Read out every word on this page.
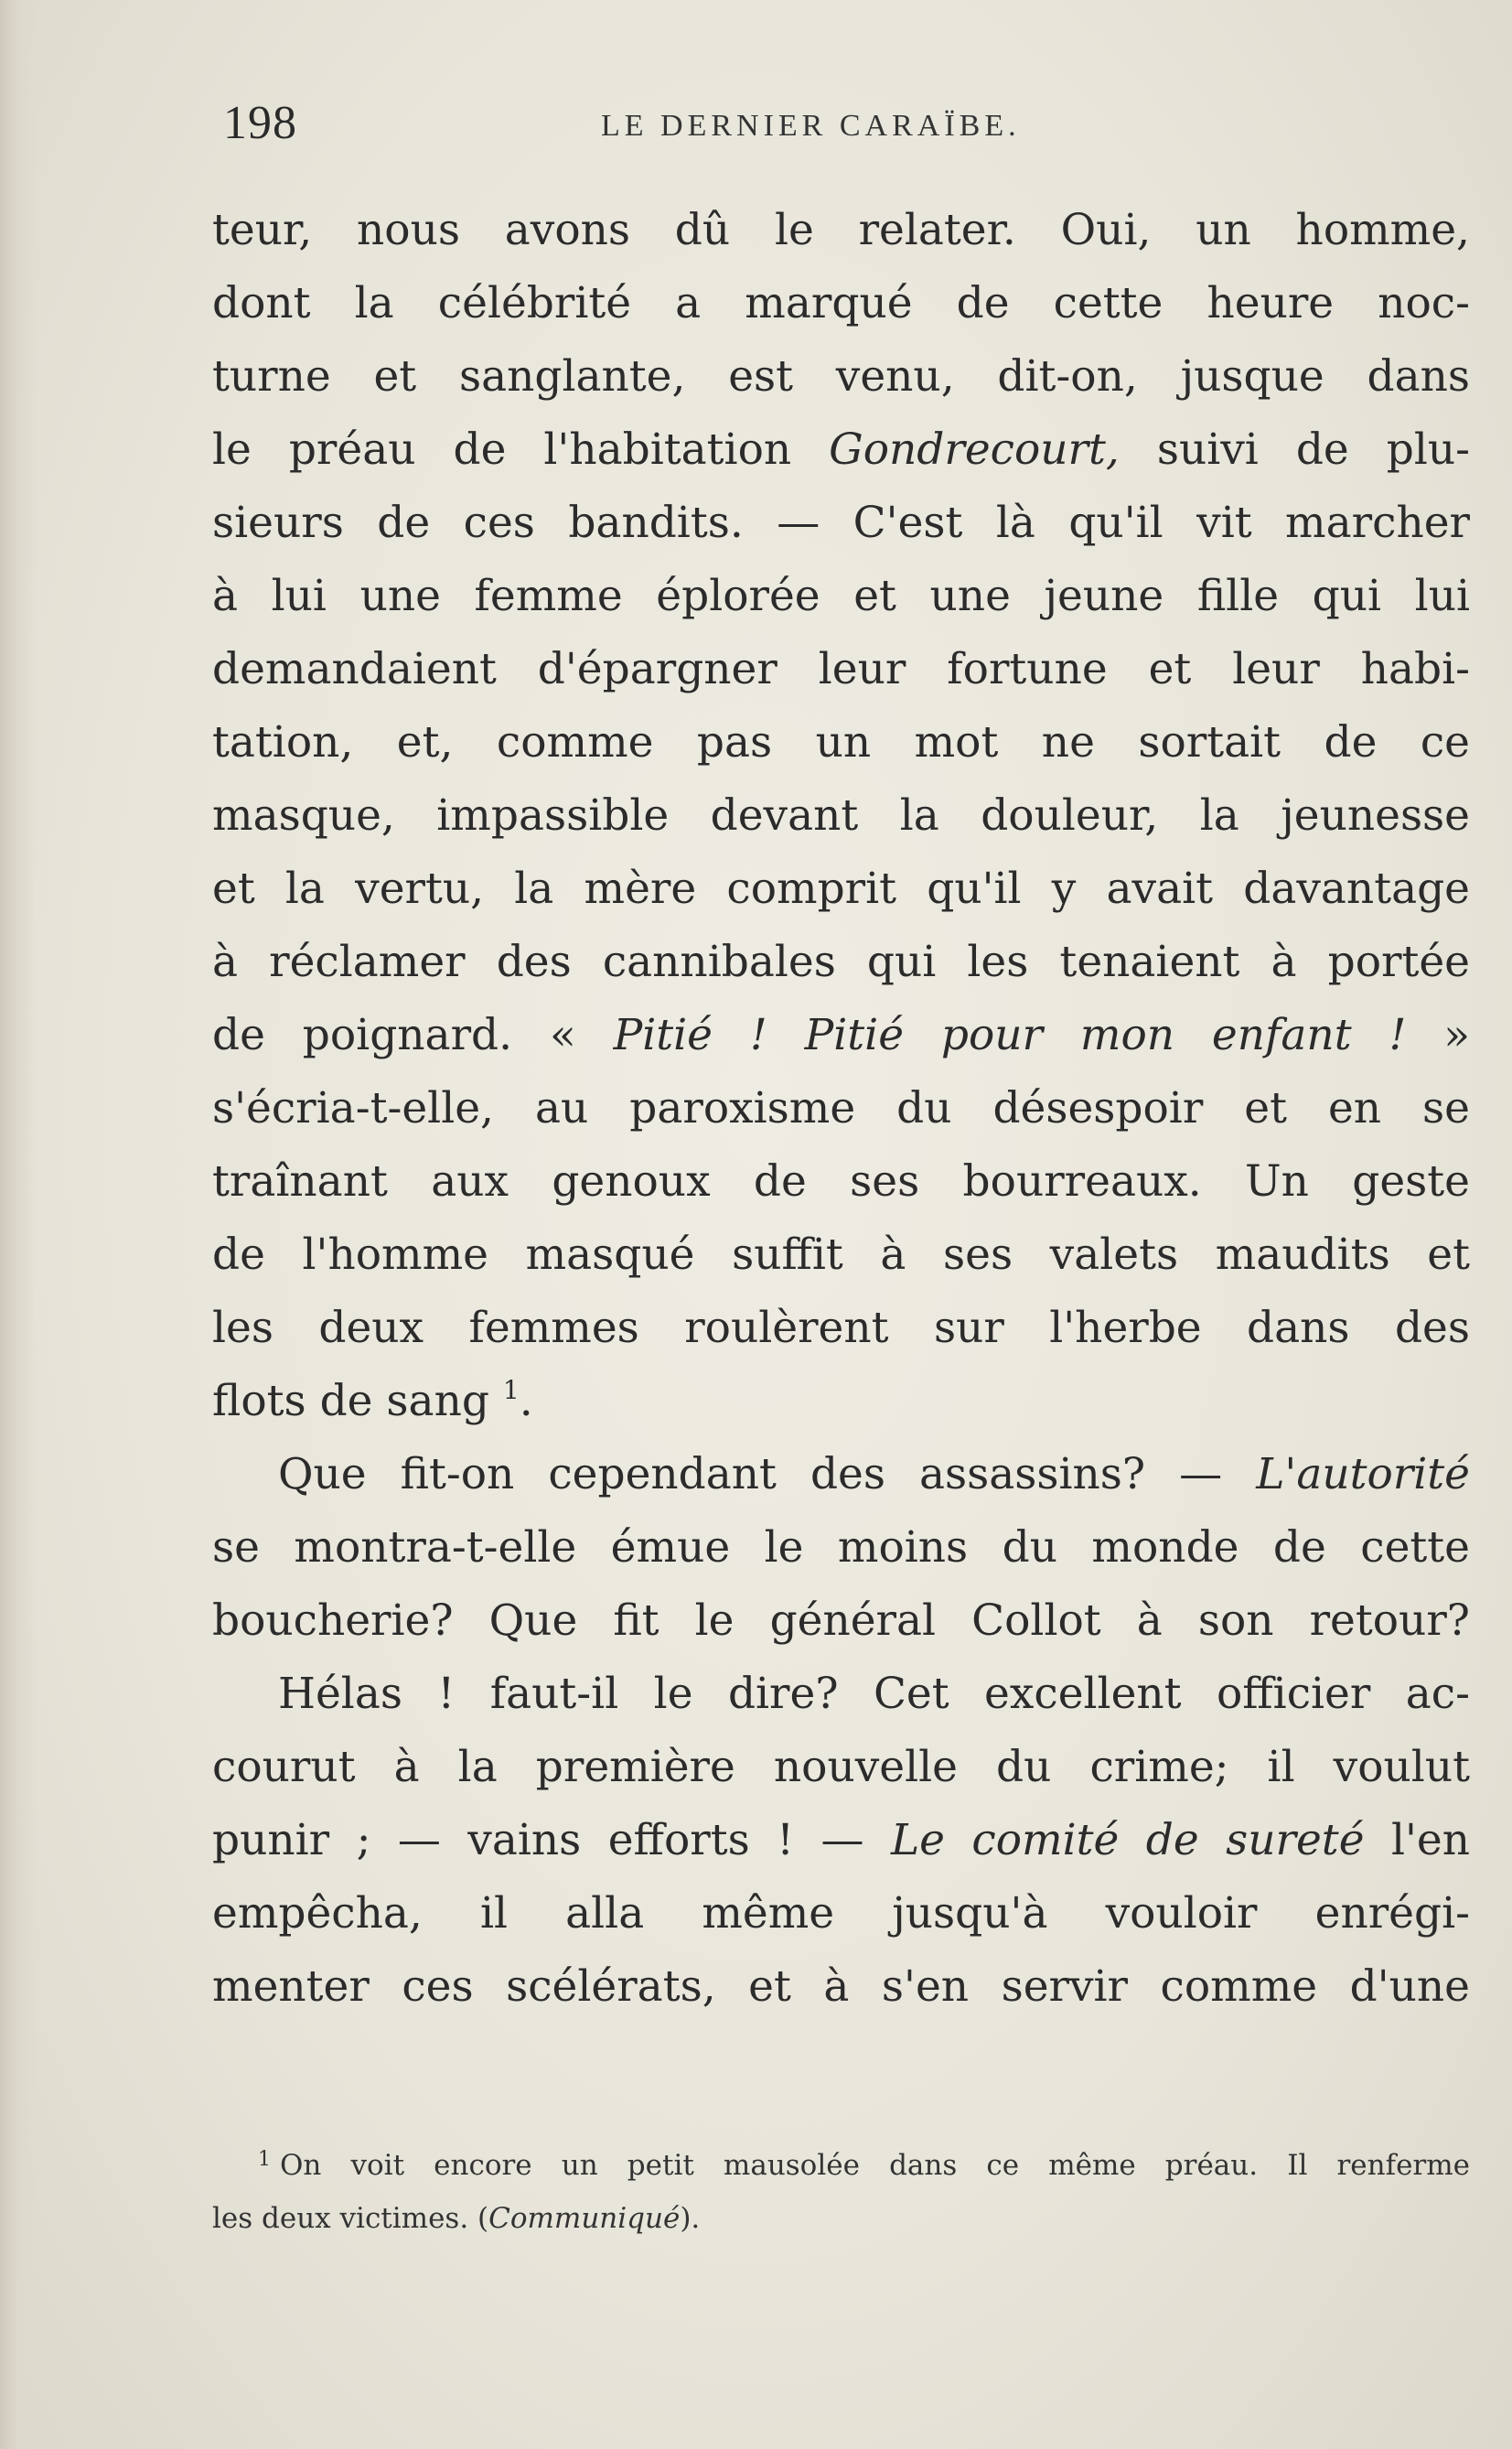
198	LE DERNIER CARAÏBE.
teur, nous avons dû le relater. Oui, un homme,
dont la célébrité a marqué de cette heure noc-
turne et sanglante, est venu, dit-on, jusque dans
le préau de l'habitation Gondrecourt, suivi de plu-
sieurs de ces bandits. — C'est là qu'il vit marcher
à lui une femme éplorée et une jeune fille qui lui
demandaient d'épargner leur fortune et leur habi-
tation, et, comme pas un mot ne sortait de ce
masque, impassible devant la douleur, la jeunesse
et la vertu, la mère comprit qu'il y avait davantage
à réclamer des cannibales qui les tenaient à portée
de poignard. « Pitié ! Pitié pour mon enfant ! »
s'écria-t-elle, au paroxisme du désespoir et en se
traînant aux genoux de ses bourreaux. Un geste
de l'homme masqué suffit à ses valets maudits et
les deux femmes roulèrent sur l'herbe dans des
flots de sang $^1$.
Que fit-on cependant des assassins? — L'autorité
se montra-t-elle émue le moins du monde de cette
boucherie? Que fit le général Collot à son retour?
Hélas ! faut-il le dire? Cet excellent officier ac-
courut à la première nouvelle du crime; il voulut
punir ; — vains efforts ! — Le comité de sureté l'en
empêcha, il alla même jusqu'à vouloir enrégi-
menter ces scélérats, et à s'en servir comme d'une
$^1$ On voit encore un petit mausolée dans ce même préau. Il renferme
les deux victimes. (Communiqué).
